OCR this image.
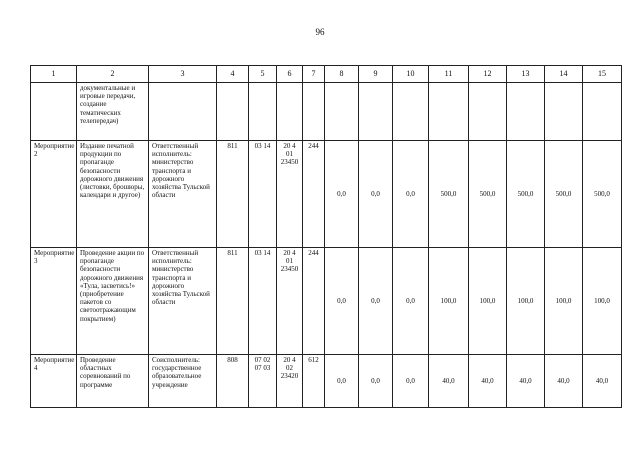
96
1	2	3	4	5	6	7	8	9	10	11	12	13	14	15
	документальные и игровые передачи, создание тематических телепередач)													
Мероприятие 2	Издание печатной продукции по пропаганде безопасности дорожного движения (листовки, брошюры, календари и другое)	Ответственный исполнитель: министерство транспорта и дорожного хозяйства Тульской области	811	03 14	20 4 01 23450	244	0,0	0,0	0,0	500,0	500,0	500,0	500,0	500,0
Мероприятие 3	Проведение акции по пропаганде безопасности дорожного движения «Тула, засветись!» (приобретение пакетов со светоотражающим покрытием)	Ответственный исполнитель: министерство транспорта и дорожного хозяйства Тульской области	811	03 14	20 4 01 23450	244	0,0	0,0	0,0	100,0	100,0	100,0	100,0	100,0
Мероприятие 4	Проведение областных соревнований по программе	Соисполнитель: государственное образовательное учреждение	808	07 02 07 03	20 4 02 23420	612	0,0	0,0	0,0	40,0	40,0	40,0	40,0	40,0
